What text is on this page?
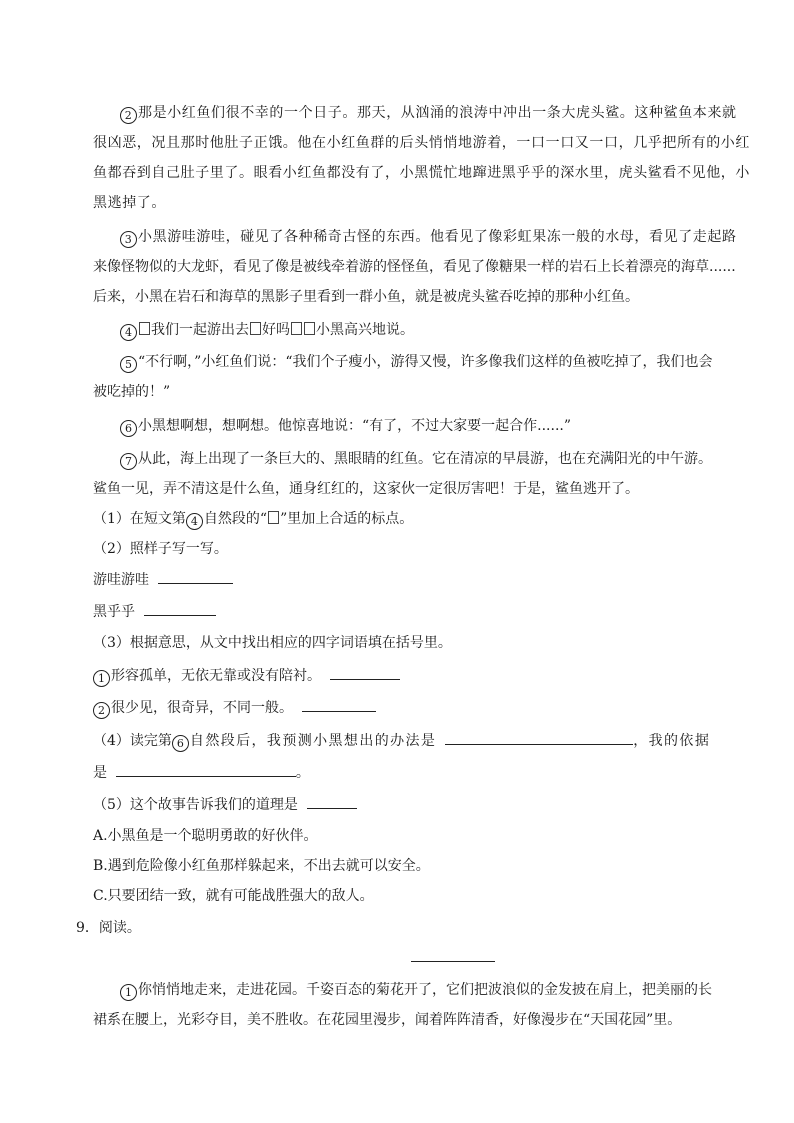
2 那是小红鱼们很不幸的一个日子。那天，从汹涌的浪涛中冲出一条大虎头鲨。这种鲨鱼本来就
很凶恶，况且那时他肚子正饿。他在小红鱼群的后头悄悄地游着，一口一口又一口，几乎把所有的小红
鱼都吞到自己肚子里了。眼看小红鱼都没有了，小黑慌忙地蹿进黑乎乎的深水里，虎头鲨看不见他，小
黑逃掉了。
3 小黑游哇游哇，碰见了各种稀奇古怪的东西。他看见了像彩虹果冻一般的水母，看见了走起路
来像怪物似的大龙虾，看见了像是被线牵着游的怪怪鱼，看见了像糖果一样的岩石上长着漂亮的海草......
后来，小黑在岩石和海草的黑影子里看到一群小鱼，就是被虎头鲨吞吃掉的那种小红鱼。
4 我们一起游出去 好吗 小黑高兴地说。
5 “不行啊，”小红鱼们说：“我们个子瘦小，游得又慢，许多像我们这样的鱼被吃掉了，我们也会
被吃掉的！”
6 小黑想啊想，想啊想。他惊喜地说：“有了，不过大家要一起合作......”
7 从此，海上出现了一条巨大的、黑眼睛的红鱼。它在清凉的早晨游，也在充满阳光的中午游。
鲨鱼一见，弄不清这是什么鱼，通身红红的，这家伙一定很厉害吧！于是，鲨鱼逃开了。
（1）在短文第 4 自然段的“ ”里加上合适的标点。
（2）照样子写一写。
游哇游哇
黑乎乎
（3）根据意思，从文中找出相应的四字词语填在括号里。
1 形容孤单，无依无靠或没有陪衬。
2 很少见，很奇异，不同一般。
（4）读完第 6 自然段后，我预测小黑想出的办法是	，我的依据
是	。
（5）这个故事告诉我们的道理是
A.小黑鱼是一个聪明勇敢的好伙伴。
B.遇到危险像小红鱼那样躲起来，不出去就可以安全。
C.只要团结一致，就有可能战胜强大的敌人。
9．阅读。
1 你悄悄地走来，走进花园。千姿百态的菊花开了，它们把波浪似的金发披在肩上，把美丽的长
裙系在腰上，光彩夺目，美不胜收。在花园里漫步，闻着阵阵清香，好像漫步在“天国花园”里。
